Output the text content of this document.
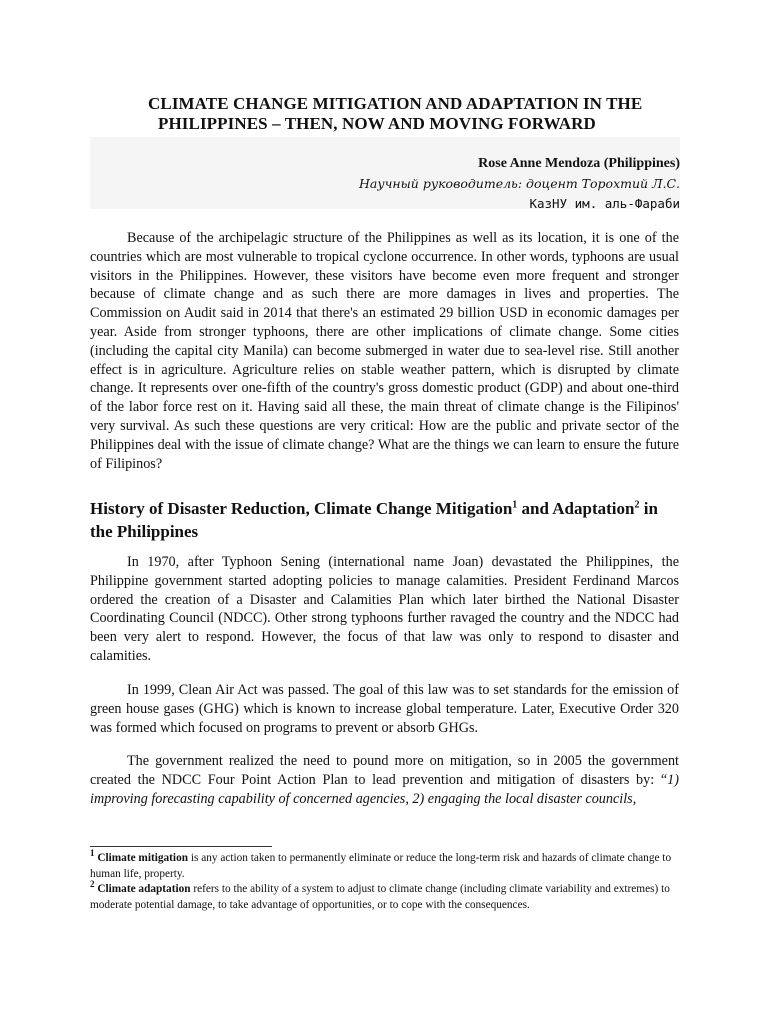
CLIMATE CHANGE MITIGATION AND ADAPTATION IN THE

PHILIPPINES – THEN, NOW AND MOVING FORWARD
Rose Anne Mendoza (Philippines)
Научный руководитель: доцент Торохтий Л.С.
КазНУ им. аль-Фараби

Because of the archipelagic structure of the Philippines as well as its location, it is one of the countries which are most vulnerable to tropical cyclone occurrence. In other words, typhoons are usual visitors in the Philippines. However, these visitors have become even more frequent and stronger because of climate change and as such there are more damages in lives and properties. The Commission on Audit said in 2014 that there's an estimated 29 billion USD in economic damages per year. Aside from stronger typhoons, there are other implications of climate change. Some cities (including the capital city Manila) can become submerged in water due to sea-level rise. Still another effect is in agriculture. Agriculture relies on stable weather pattern, which is disrupted by climate change. It represents over one-fifth of the country's gross domestic product (GDP) and about one-third of the labor force rest on it. Having said all these, the main threat of climate change is the Filipinos' very survival. As such these questions are very critical: How are the public and private sector of the Philippines deal with the issue of climate change? What are the things we can learn to ensure the future of Filipinos?

History of Disaster Reduction, Climate Change Mitigation$^1$ and Adaptation$^2$ in the Philippines

In 1970, after Typhoon Sening (international name Joan) devastated the Philippines, the Philippine government started adopting policies to manage calamities. President Ferdinand Marcos ordered the creation of a Disaster and Calamities Plan which later birthed the National Disaster Coordinating Council (NDCC). Other strong typhoons further ravaged the country and the NDCC had been very alert to respond. However, the focus of that law was only to respond to disaster and calamities.

In 1999, Clean Air Act was passed. The goal of this law was to set standards for the emission of green house gases (GHG) which is known to increase global temperature. Later, Executive Order 320 was formed which focused on programs to prevent or absorb GHGs.

The government realized the need to pound more on mitigation, so in 2005 the government created the NDCC Four Point Action Plan to lead prevention and mitigation of disasters by: “1) improving forecasting capability of concerned agencies, 2) engaging the local disaster councils,

$^1$ Climate mitigation is any action taken to permanently eliminate or reduce the long-term risk and hazards of climate change to human life, property.

$^2$ Climate adaptation refers to the ability of a system to adjust to climate change (including climate variability and extremes) to moderate potential damage, to take advantage of opportunities, or to cope with the consequences.
